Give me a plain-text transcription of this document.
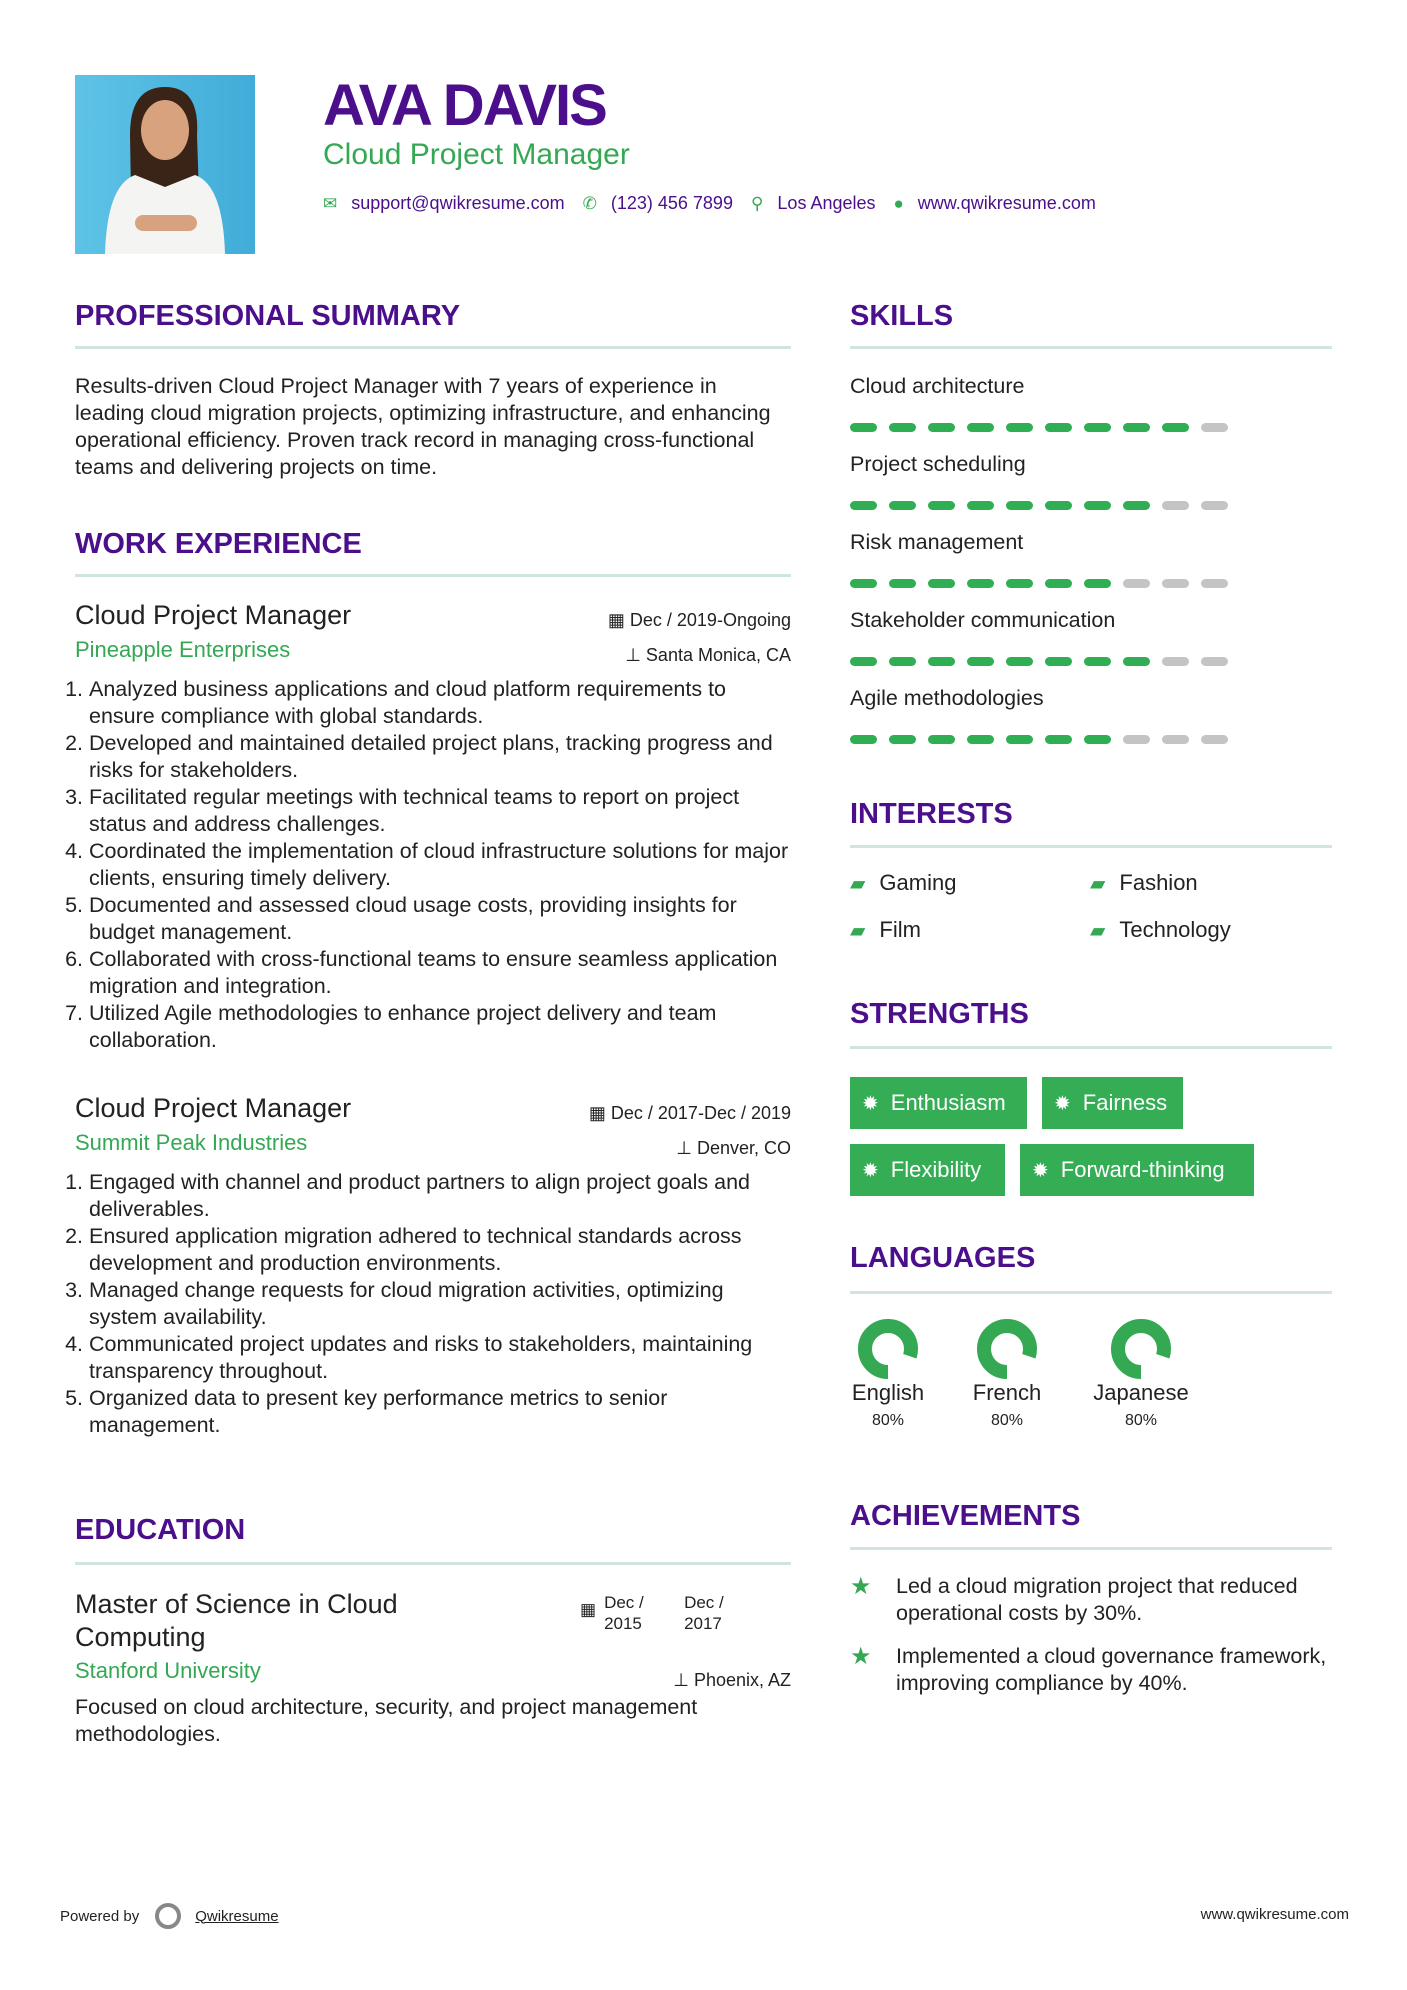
AVA DAVIS
Cloud Project Manager
✉ support@qwikresume.com ✆ (123) 456 7899 ⚲ Los Angeles ● www.qwikresume.com
PROFESSIONAL SUMMARY
Results-driven Cloud Project Manager with 7 years of experience in leading cloud migration projects, optimizing infrastructure, and enhancing operational efficiency. Proven track record in managing cross-functional teams and delivering projects on time.
WORK EXPERIENCE
Cloud Project Manager	▦ Dec / 2019-Ongoing
Pineapple Enterprises	⊥ Santa Monica, CA
1. Analyzed business applications and cloud platform requirements to ensure compliance with global standards.
2. Developed and maintained detailed project plans, tracking progress and risks for stakeholders.
3. Facilitated regular meetings with technical teams to report on project status and address challenges.
4. Coordinated the implementation of cloud infrastructure solutions for major clients, ensuring timely delivery.
5. Documented and assessed cloud usage costs, providing insights for budget management.
6. Collaborated with cross-functional teams to ensure seamless application migration and integration.
7. Utilized Agile methodologies to enhance project delivery and team collaboration.
Cloud Project Manager	▦ Dec / 2017-Dec / 2019
Summit Peak Industries	⊥ Denver, CO
1. Engaged with channel and product partners to align project goals and deliverables.
2. Ensured application migration adhered to technical standards across development and production environments.
3. Managed change requests for cloud migration activities, optimizing system availability.
4. Communicated project updates and risks to stakeholders, maintaining transparency throughout.
5. Organized data to present key performance metrics to senior management.
EDUCATION
Master of Science in Cloud Computing
▦ Dec / 2015
Dec / 2017
Stanford University	⊥ Phoenix, AZ
Focused on cloud architecture, security, and project management methodologies.
SKILLS
Cloud architecture
Project scheduling
Risk management
Stakeholder communication
Agile methodologies
INTERESTS
▰ Gaming	▰ Fashion
▰ Film	▰ Technology
STRENGTHS
✹ Enthusiasm ✹ Fairness
✹ Flexibility	✹ Forward-thinking
LANGUAGES
English
80%
French
80%
Japanese
80%
ACHIEVEMENTS
★	Led a cloud migration project that reduced operational costs by 30%.
★	Implemented a cloud governance framework, improving compliance by 40%.
Powered by	Qwikresume	www.qwikresume.com
